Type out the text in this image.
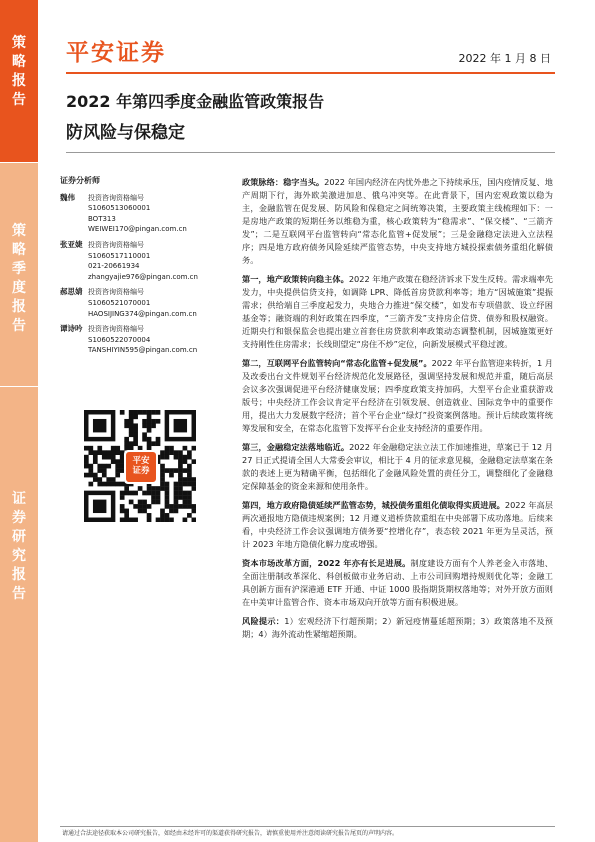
策
略
报
告
策
略
季
度
报
告
证
券
研
究
报
告
平安证券	2022 年 1 月 8 日
2022 年第四季度金融监管政策报告
防风险与保稳定
证券分析师
魏伟	投资咨询资格编号
S1060513060001
BOT313
WEIWEI170@pingan.com.cn
张亚婕 投资咨询资格编号
S1060517110001
021-20661934
zhangyajie976@pingan.com.cn
郝思婧 投资咨询资格编号
S1060521070001
HAOSIJING374@pingan.com.cn
谭诗吟 投资咨询资格编号
S1060522070004
TANSHIYIN595@pingan.com.cn
平安
证券

政策脉络：稳字当头。2022 年国内经济在内忧外患之下持续承压，国内疫情反复、地产周期下行，海外欧美激进加息、俄乌冲突等。在此背景下，国内宏观政策以稳为主，金融监管在促发展、防风险和保稳定之间统筹决策，主要政策主线梳理如下：一是房地产政策的短期任务以维稳为重，核心政策转为“稳需求”、“保交楼”、“三箭齐发”；二是互联网平台监管转向“常态化监管+促发展”；三是金融稳定法进入立法程序；四是地方政府债务风险延续严监管态势，中央支持地方城投探索债务重组化解债务。

第一，地产政策转向稳主体。2022 年地产政策在稳经济诉求下发生反转。需求端率先发力，中央提供信贷支持，如调降 LPR、降低首房贷款利率等；地方“因城施策”提振需求；供给端自三季度起发力，央地合力推进“保交楼”，如发布专项借款、设立纾困基金等；融资端的利好政策在四季度，“三箭齐发”支持房企信贷、债券和股权融资。近期央行和银保监会也提出建立首套住房贷款利率政策动态调整机制，因城施策更好支持刚性住房需求；长线則望定“房住不炒”定位，向新发展模式平稳过渡。

第二，互联网平台监管转向“常态化监管+促发展”。2022 年平台监管迎来转折，1 月及改委出台文件规划平台经济规范化发展路径，强调坚持发展和规范并重，随后高层会议多次强调促进平台经济健康发展；四季度政策支持加码，大型平台企业重获游戏版号；中央经济工作会议肯定平台经济在引领发展、创造就业、国际竞争中的重要作用，提出大力发展数字经济；首个平台企业“绿灯”投资案例落地。预计后续政策将统筹发展和安全，在常态化监管下发挥平台企业支持经济的重要作用。

第三，金融稳定法落地临近。2022 年金融稳定法立法工作加速推进，草案已于 12 月 27 日正式提请全国人大常委会审议，相比于 4 月的征求意见稿，金融稳定法草案在条款的表述上更为精确平衡，包括细化了金融风险处置的责任分工，调整细化了金融稳定保障基金的资金来源和使用条件。

第四，地方政府隐债延续严监管态势，城投债务重组化债取得实质进展。2022 年高层两次通报地方隐债违规案例；12 月遵义道桥贷款重组在中央部署下成功落地。后续来看，中央经济工作会议强调地方债务要“控增化存”，表态较 2021 年更为呈灵活，预计 2023 年地方隐债化解力度或增强。

资本市场改革方面，2022 年亦有长足进展。制度建设方面有个人养老金入市落地、全面注册制改革深化、科创板做市业务启动、上市公司回购增持规则优化等；金融工具创新方面有沪深港通 ETF 开通、中证 1000 股指期货期权落地等；对外开放方面则在中美审计监管合作、资本市场双向开放等方面有积极进展。

风险提示：1）宏观经济下行超预期；2）新冠疫情蔓延超预期；3）政策落地不及预期；4）海外流动性紧缩超预期。

请通过合法途径获取本公司研究报告，如经由未经许可的渠道获得研究报告，请慎重使用并注意阅读研究报告尾页的声明内容。
